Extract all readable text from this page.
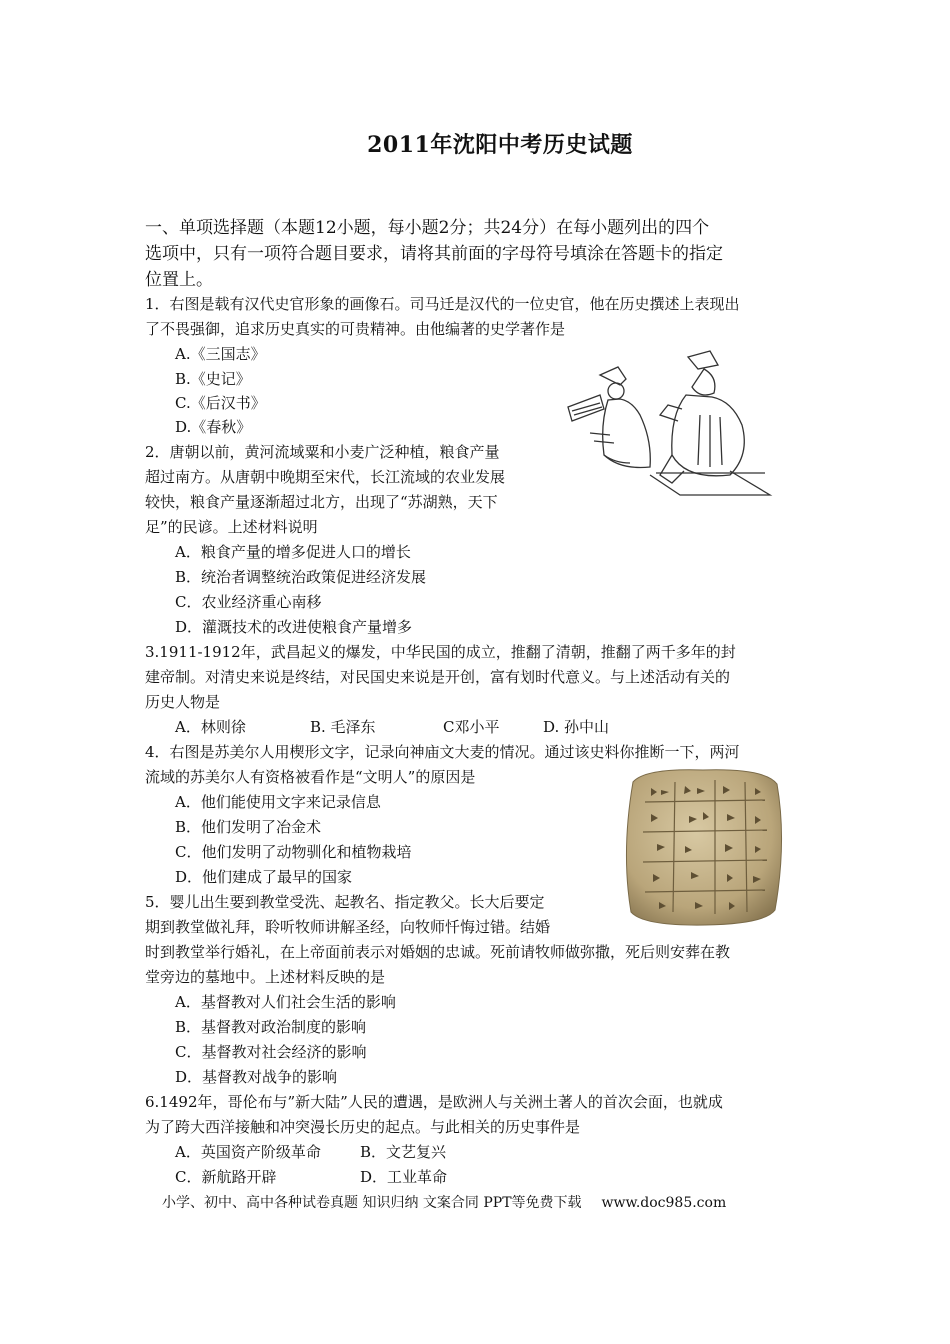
2011年沈阳中考历史试题
一、单项选择题（本题12小题，每小题2分；共24分）在每小题列出的四个
选项中，只有一项符合题目要求，请将其前面的字母符号填涂在答题卡的指定
位置上。
1．右图是载有汉代史官形象的画像石。司马迁是汉代的一位史官，他在历史撰述上表现出
了不畏强御，追求历史真实的可贵精神。由他编著的史学著作是
A.《三国志》
B.《史记》
C.《后汉书》
D.《春秋》
2．唐朝以前，黄河流域粟和小麦广泛种植，粮食产量
超过南方。从唐朝中晚期至宋代，长江流域的农业发展
较快，粮食产量逐渐超过北方，出现了“苏湖熟，天下
足”的民谚。上述材料说明
A．粮食产量的增多促进人口的增长
B．统治者调整统治政策促进经济发展
C．农业经济重心南移
D．灌溉技术的改进使粮食产量增多
3.1911-1912年，武昌起义的爆发，中华民国的成立，推翻了清朝，推翻了两千多年的封
建帝制。对清史来说是终结，对民国史来说是开创，富有划时代意义。与上述活动有关的
历史人物是
A．林则徐	B. 毛泽东	C邓小平	D. 孙中山
4．右图是苏美尔人用楔形文字，记录向神庙文大麦的情况。通过该史料你推断一下，两河
流域的苏美尔人有资格被看作是“文明人”的原因是
A．他们能使用文字来记录信息
B．他们发明了冶金术
C．他们发明了动物驯化和植物栽培
D．他们建成了最早的国家
5．婴儿出生要到教堂受洗、起教名、指定教父。长大后要定
期到教堂做礼拜，聆听牧师讲解圣经，向牧师忏悔过错。结婚
时到教堂举行婚礼，在上帝面前表示对婚姻的忠诚。死前请牧师做弥撒，死后则安葬在教
堂旁边的墓地中。上述材料反映的是
A．基督教对人们社会生活的影响
B．基督教对政治制度的影响
C．基督教对社会经济的影响
D．基督教对战争的影响
6.1492年，哥伦布与”新大陆”人民的遭遇，是欧洲人与关洲土著人的首次会面，也就成
为了跨大西洋接触和冲突漫长历史的起点。与此相关的历史事件是
A．英国资产阶级革命	B．文艺复兴
C．新航路开辟	D．工业革命
小学、初中、高中各种试卷真题 知识归纳 文案合同 PPT等免费下载 www.doc985.com
